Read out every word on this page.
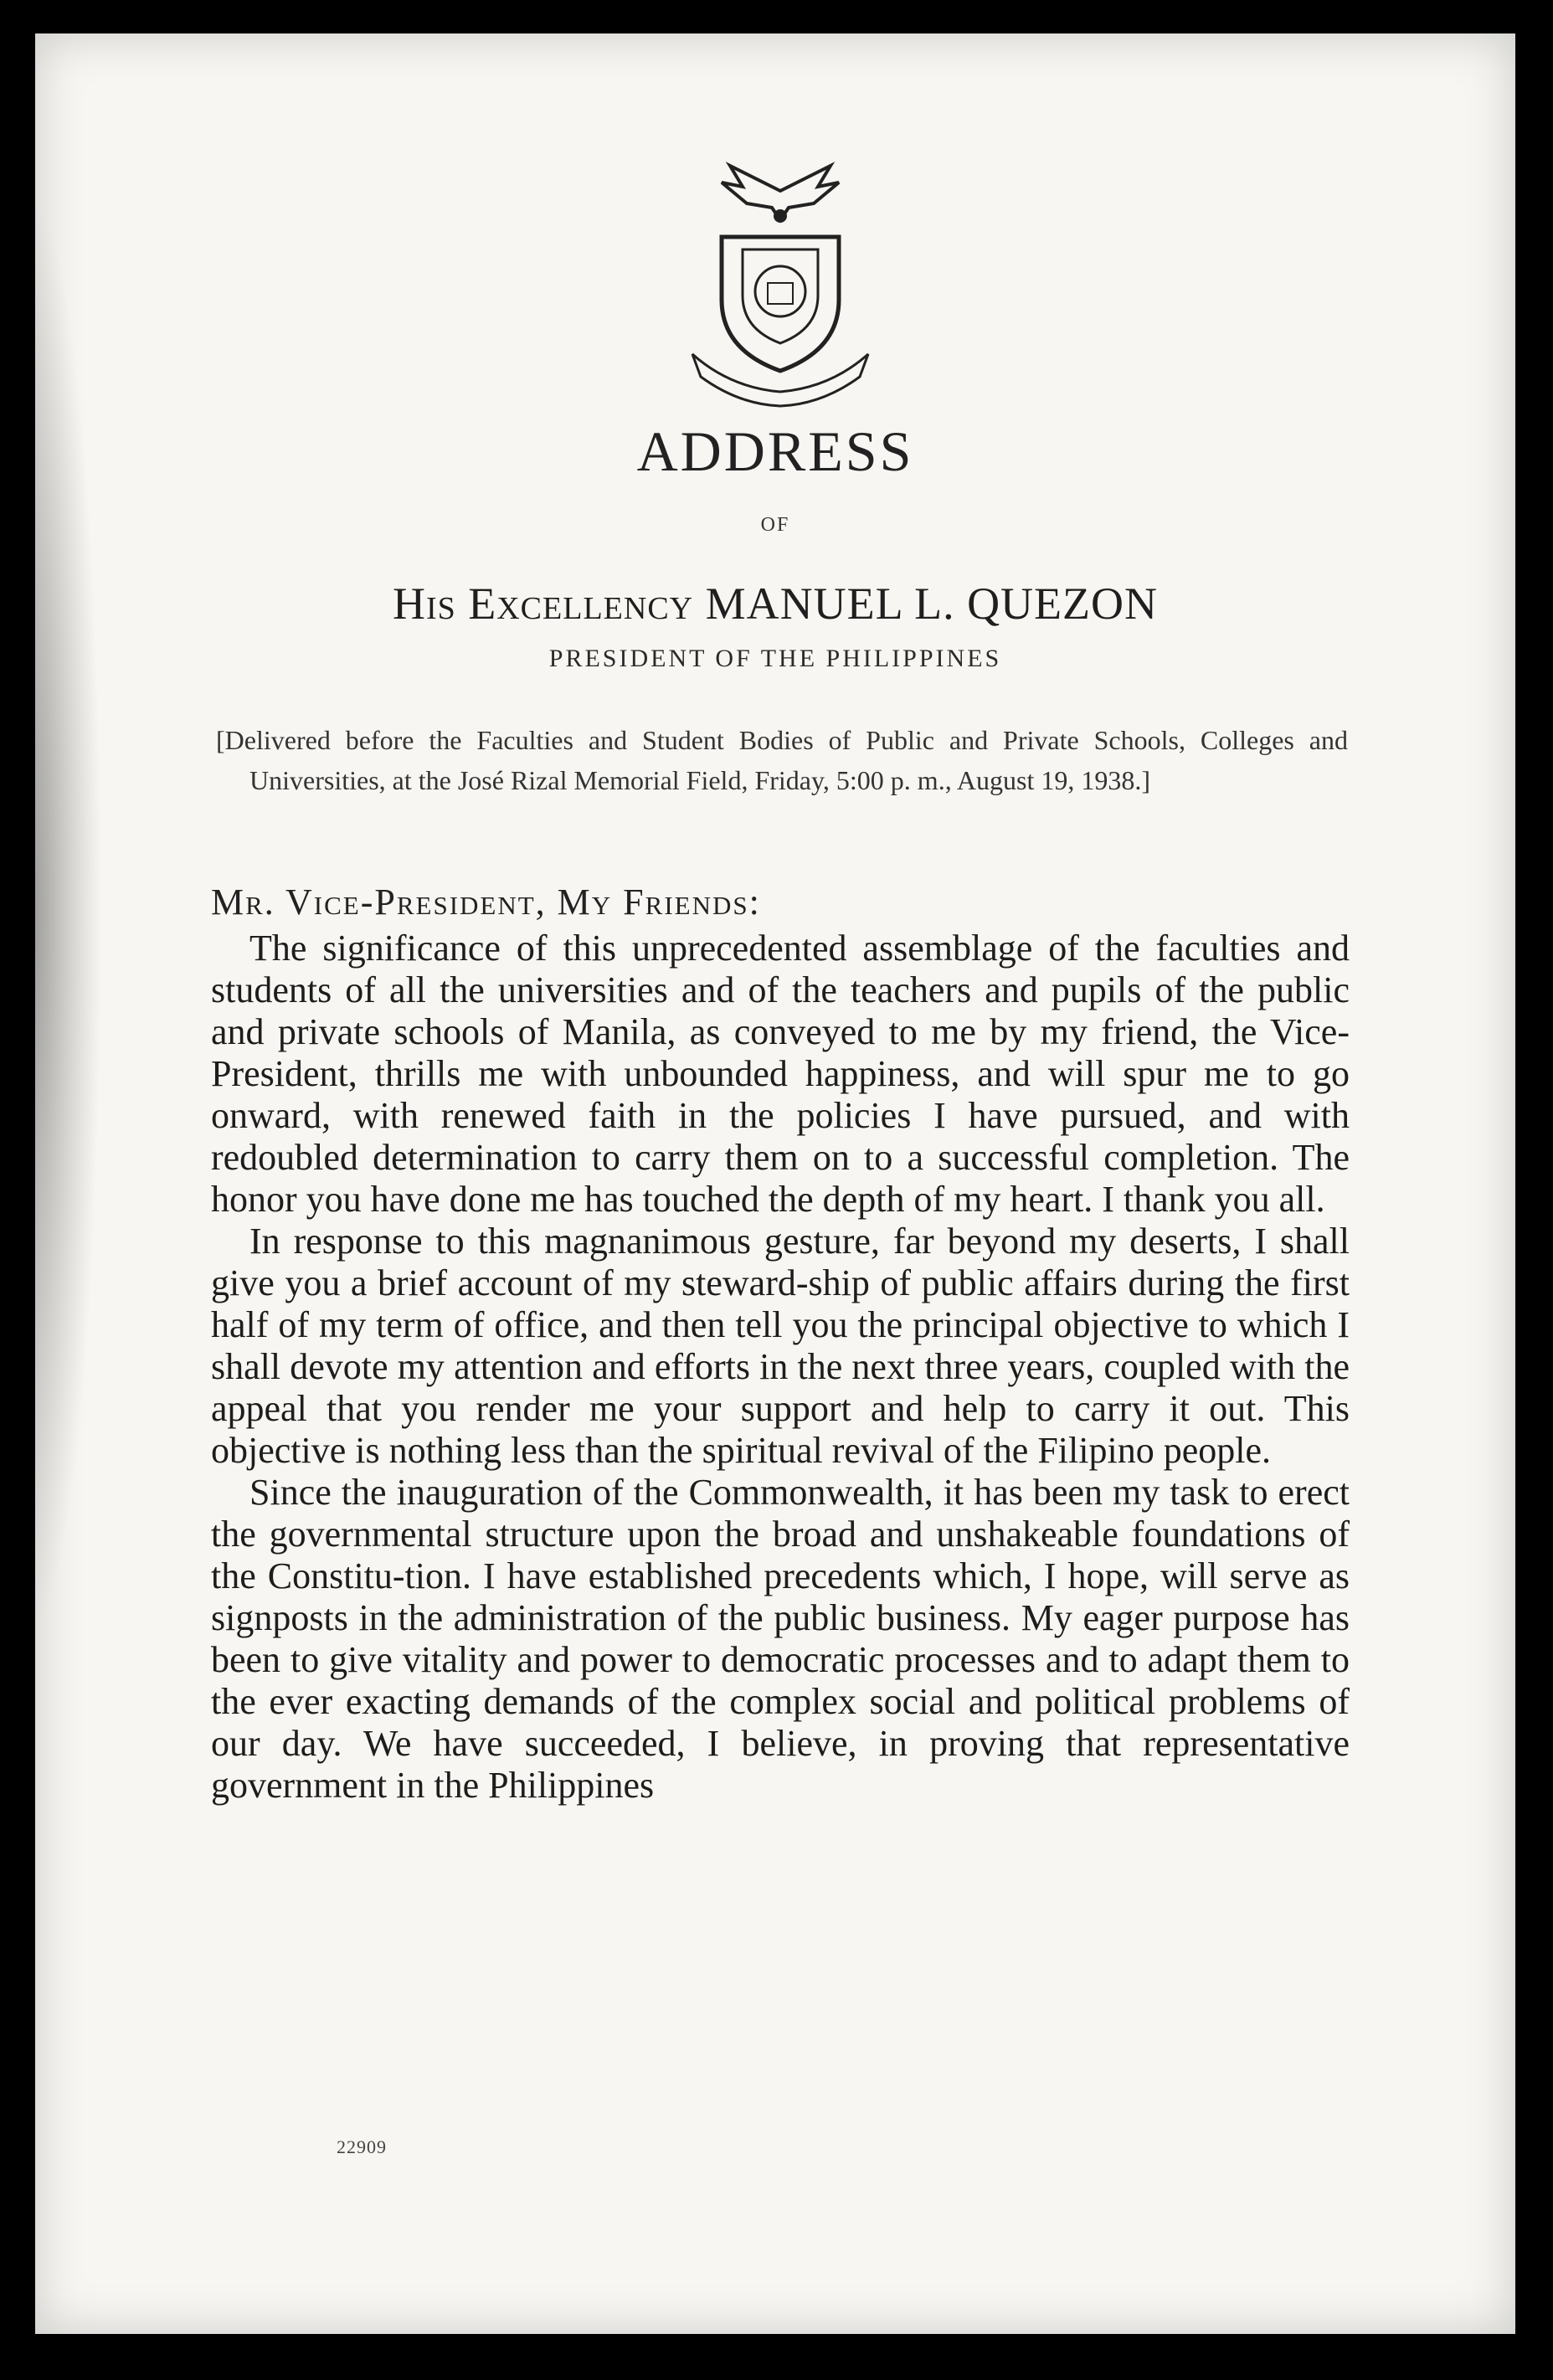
ADDRESS
OF
His Excellency MANUEL L. QUEZON
PRESIDENT OF THE PHILIPPINES
[Delivered before the Faculties and Student Bodies of Public and Private Schools, Colleges and Universities, at the José Rizal Memorial Field, Friday, 5:00 p. m., August 19, 1938.]
Mr. Vice-President, My Friends:

The significance of this unprecedented assemblage of the faculties and students of all the universities and of the teachers and pupils of the public and private schools of Manila, as conveyed to me by my friend, the Vice-President, thrills me with unbounded happiness, and will spur me to go onward, with renewed faith in the policies I have pursued, and with redoubled determination to carry them on to a successful completion. The honor you have done me has touched the depth of my heart. I thank you all.

In response to this magnanimous gesture, far beyond my deserts, I shall give you a brief account of my steward-ship of public affairs during the first half of my term of office, and then tell you the principal objective to which I shall devote my attention and efforts in the next three years, coupled with the appeal that you render me your support and help to carry it out. This objective is nothing less than the spiritual revival of the Filipino people.

Since the inauguration of the Commonwealth, it has been my task to erect the governmental structure upon the broad and unshakeable foundations of the Constitu-tion. I have established precedents which, I hope, will serve as signposts in the administration of the public business. My eager purpose has been to give vitality and power to democratic processes and to adapt them to the ever exacting demands of the complex social and political problems of our day. We have succeeded, I believe, in proving that representative government in the Philippines

22909
